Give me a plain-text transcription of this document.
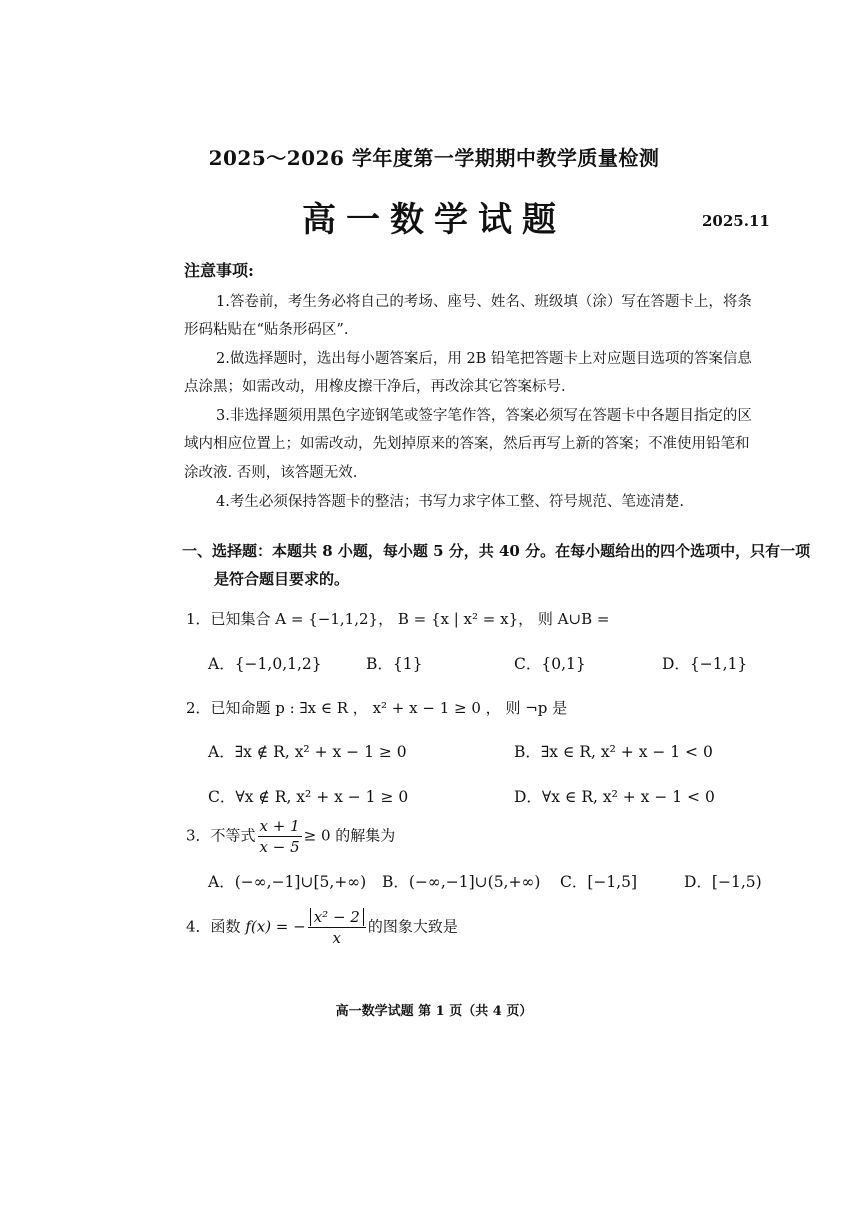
2025～2026 学年度第一学期期中教学质量检测
高一数学试题	2025.11
注意事项:
1.答卷前，考生务必将自己的考场、座号、姓名、班级填（涂）写在答题卡上，将条
形码粘贴在“贴条形码区”.
2.做选择题时，选出每小题答案后，用 2B 铅笔把答题卡上对应题目选项的答案信息
点涂黑；如需改动，用橡皮擦干净后，再改涂其它答案标号.
3.非选择题须用黑色字迹钢笔或签字笔作答，答案必须写在答题卡中各题目指定的区
域内相应位置上；如需改动，先划掉原来的答案，然后再写上新的答案；不准使用铅笔和
涂改液. 否则，该答题无效.
4.考生必须保持答题卡的整洁；书写力求字体工整、符号规范、笔迹清楚.
一、选择题：本题共 8 小题，每小题 5 分，共 40 分。在每小题给出的四个选项中，只有一项
是符合题目要求的。
1．已知集合 A = {−1,1,2}， B = {x | x² = x}， 则 A∪B =
A．{−1,0,1,2}	B．{1}	C．{0,1}	D．{−1,1}
2．已知命题 p : ∃x ∈ R ， x² + x − 1 ≥ 0 ， 则 ¬p 是
A．∃x ∉ R, x² + x − 1 ≥ 0	B．∃x ∈ R, x² + x − 1 < 0
C．∀x ∉ R, x² + x − 1 ≥ 0	D．∀x ∈ R, x² + x − 1 < 0
3．不等式 $\frac{x + 1}{x - 5} \ge 0$ 的解集为
A．(−∞,−1]∪[5,+∞) B．(−∞,−1]∪(5,+∞) C．[−1,5]	D．[−1,5)
4．函数 f(x) = − $\frac{\text{x² − 2}}{x}$ 的图象大致是
高一数学试题 第 1 页（共 4 页）
